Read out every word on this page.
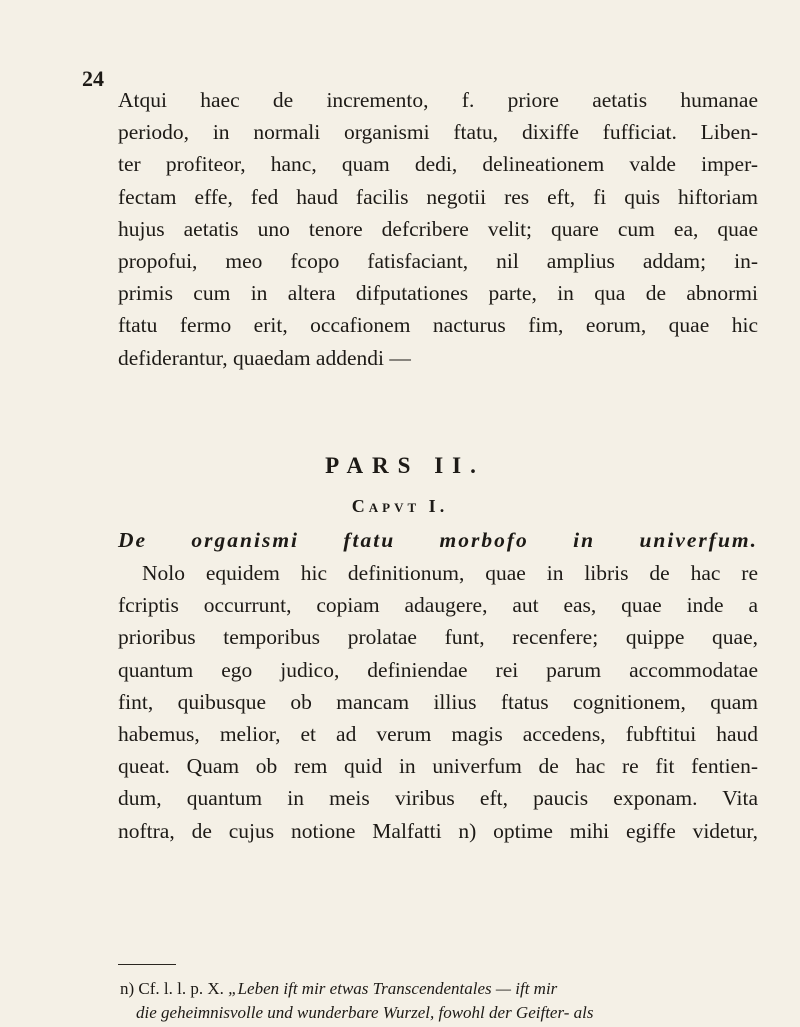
24
Atqui haec de incremento, f. priore aetatis humanae
periodo, in normali organismi ftatu, dixiffe fufficiat. Liben-
ter profiteor, hanc, quam dedi, delineationem valde imper-
fectam effe, fed haud facilis negotii res eft, fi quis hiftoriam
hujus aetatis uno tenore defcribere velit; quare cum ea, quae
propofui, meo fcopo fatisfaciant, nil amplius addam; in-
primis cum in altera difputationes parte, in qua de abnormi
ftatu fermo erit, occafionem nacturus fim, eorum, quae hic
defiderantur, quaedam addendi —
PARS II.
Capvt I.
De organismi ftatu morbofo in univerfum.
Nolo equidem hic definitionum, quae in libris de hac re
fcriptis occurrunt, copiam adaugere, aut eas, quae inde a
prioribus temporibus prolatae funt, recenfere; quippe quae,
quantum ego judico, definiendae rei parum accommodatae
fint, quibusque ob mancam illius ftatus cognitionem, quam
habemus, melior, et ad verum magis accedens, fubftitui haud
queat. Quam ob rem quid in univerfum de hac re fit fentien-
dum, quantum in meis viribus eft, paucis exponam. Vita
noftra, de cujus notione Malfatti n) optime mihi egiffe videtur,
n) Cf. l. l. p. X. „Leben ift mir etwas Transcendentales — ift mir
die geheimnisvolle und wunderbare Wurzel, fowohl der Geifter- als
